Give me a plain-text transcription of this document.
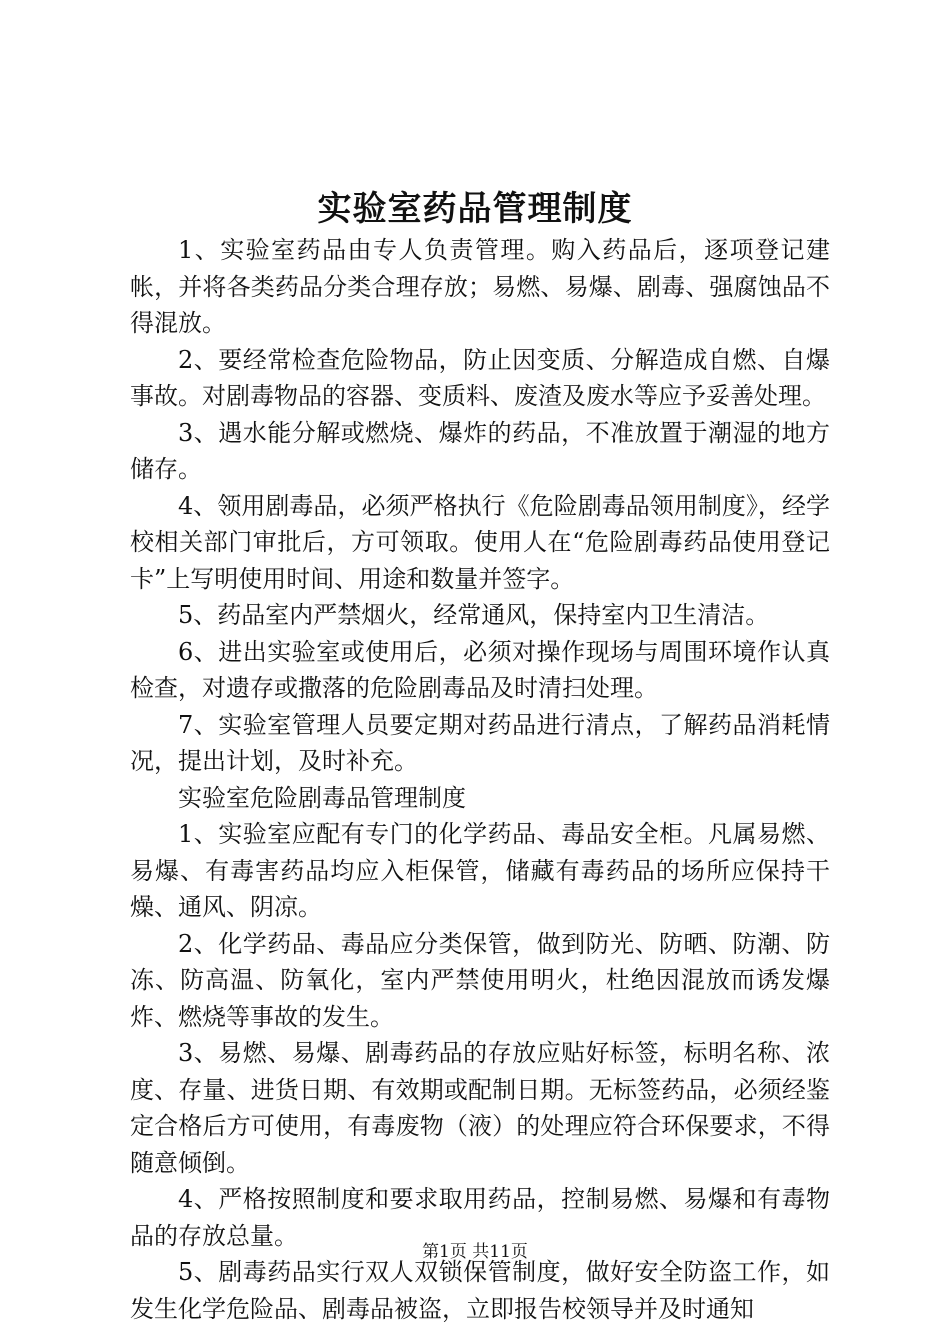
实验室药品管理制度

1、实验室药品由专人负责管理。购入药品后，逐项登记建帐，并将各类药品分类合理存放；易燃、易爆、剧毒、强腐蚀品不得混放。

2、要经常检查危险物品，防止因变质、分解造成自燃、自爆事故。对剧毒物品的容器、变质料、废渣及废水等应予妥善处理。

3、遇水能分解或燃烧、爆炸的药品，不准放置于潮湿的地方储存。

4、领用剧毒品，必须严格执行《危险剧毒品领用制度》，经学校相关部门审批后，方可领取。使用人在“危险剧毒药品使用登记卡”上写明使用时间、用途和数量并签字。

5、药品室内严禁烟火，经常通风，保持室内卫生清洁。

6、进出实验室或使用后，必须对操作现场与周围环境作认真检查，对遗存或撒落的危险剧毒品及时清扫处理。

7、实验室管理人员要定期对药品进行清点，了解药品消耗情况，提出计划，及时补充。

实验室危险剧毒品管理制度

1、实验室应配有专门的化学药品、毒品安全柜。凡属易燃、易爆、有毒害药品均应入柜保管，储藏有毒药品的场所应保持干燥、通风、阴凉。

2、化学药品、毒品应分类保管，做到防光、防晒、防潮、防冻、防高温、防氧化，室内严禁使用明火，杜绝因混放而诱发爆炸、燃烧等事故的发生。

3、易燃、易爆、剧毒药品的存放应贴好标签，标明名称、浓度、存量、进货日期、有效期或配制日期。无标签药品，必须经鉴定合格后方可使用，有毒废物（液）的处理应符合环保要求，不得随意倾倒。

4、严格按照制度和要求取用药品，控制易燃、易爆和有毒物品的存放总量。

5、剧毒药品实行双人双锁保管制度，做好安全防盗工作，如发生化学危险品、剧毒品被盗，立即报告校领导并及时通知

第1页 共11页
